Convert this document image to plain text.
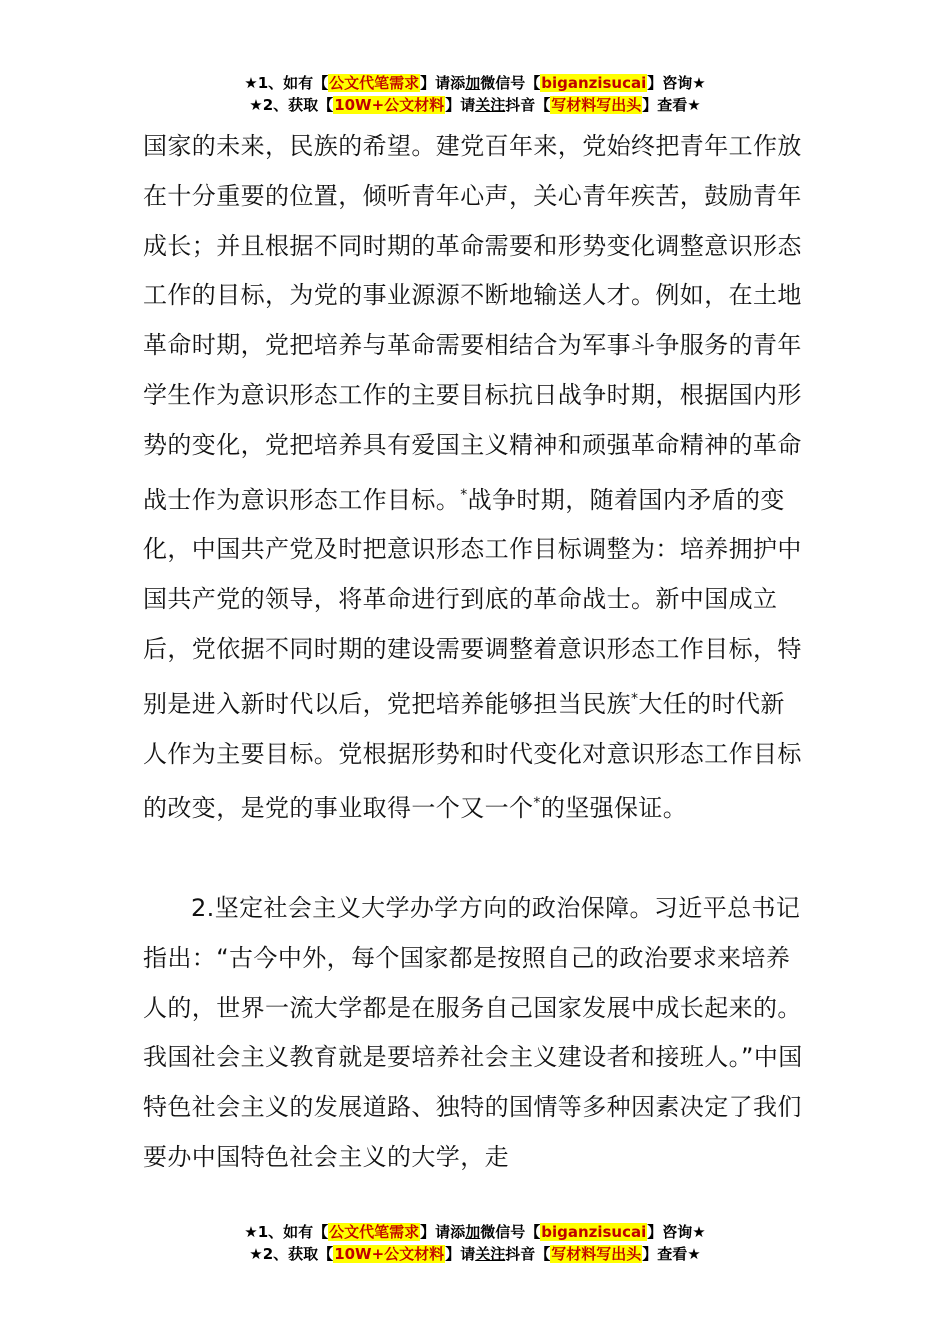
★1、如有【公文代笔需求】请添加微信号【biganzisucai】咨询★
★2、获取【10W+公文材料】请关注抖音【写材料写出头】查看★

国家的未来，民族的希望。建党百年来，党始终把青年工作放在十分重要的位置，倾听青年心声，关心青年疾苦，鼓励青年成长；并且根据不同时期的革命需要和形势变化调整意识形态工作的目标，为党的事业源源不断地输送人才。例如，在土地革命时期，党把培养与革命需要相结合为军事斗争服务的青年学生作为意识形态工作的主要目标抗日战争时期，根据国内形势的变化，党把培养具有爱国主义精神和顽强革命精神的革命战士作为意识形态工作目标。*战争时期，随着国内矛盾的变化，中国共产党及时把意识形态工作目标调整为：培养拥护中国共产党的领导，将革命进行到底的革命战士。新中国成立后，党依据不同时期的建设需要调整着意识形态工作目标，特别是进入新时代以后，党把培养能够担当民族*大任的时代新人作为主要目标。党根据形势和时代变化对意识形态工作目标的改变，是党的事业取得一个又一个*的坚强保证。

2.坚定社会主义大学办学方向的政治保障。习近平总书记指出：“古今中外，每个国家都是按照自己的政治要求来培养人的，世界一流大学都是在服务自己国家发展中成长起来的。我国社会主义教育就是要培养社会主义建设者和接班人。”中国特色社会主义的发展道路、独特的国情等多种因素决定了我们要办中国特色社会主义的大学，走

★1、如有【公文代笔需求】请添加微信号【biganzisucai】咨询★
★2、获取【10W+公文材料】请关注抖音【写材料写出头】查看★
